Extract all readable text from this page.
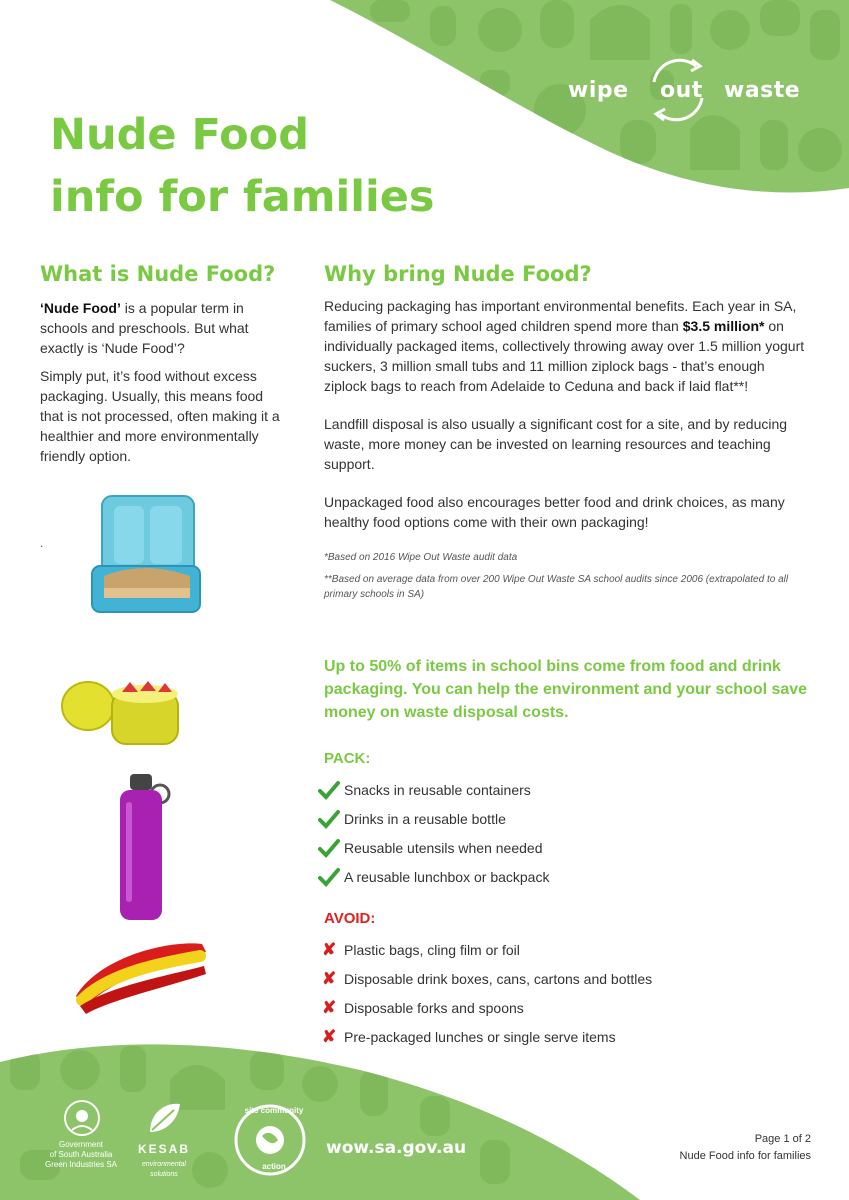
wipe out waste
Nude Food
info for families
What is Nude Food?

‘Nude Food’ is a popular term in schools and preschools. But what exactly is ‘Nude Food’?

Simply put, it’s food without excess packaging. Usually, this means food that is not processed, often making it a healthier and more environmentally friendly option.

.
Why bring Nude Food?

Reducing packaging has important environmental benefits. Each year in SA, families of primary school aged children spend more than $3.5 million* on individually packaged items, collectively throwing away over 1.5 million yogurt suckers, 3 million small tubs and 11 million ziplock bags - that’s enough ziplock bags to reach from Adelaide to Ceduna and back if laid flat**!

Landfill disposal is also usually a significant cost for a site, and by reducing waste, more money can be invested on learning resources and teaching support.

Unpackaged food also encourages better food and drink choices, as many healthy food options come with their own packaging!

*Based on 2016 Wipe Out Waste audit data

**Based on average data from over 200 Wipe Out Waste SA school audits since 2006 (extrapolated to all primary schools in SA)

Up to 50% of items in school bins come from food and drink packaging. You can help the environment and your school save money on waste disposal costs.
PACK:
Snacks in reusable containers
Drinks in a reusable bottle
Reusable utensils when needed
A reusable lunchbox or backpack
AVOID:
✘ Plastic bags, cling film or foil
✘ Disposable drink boxes, cans, cartons and bottles
✘ Disposable forks and spoons
✘ Pre-packaged lunches or single serve items
Government
of South Australia
Green Industries SA
KESAB
environmental solutions
site community
action
wow.sa.gov.au	Page 1 of 2
Nude Food info for families
